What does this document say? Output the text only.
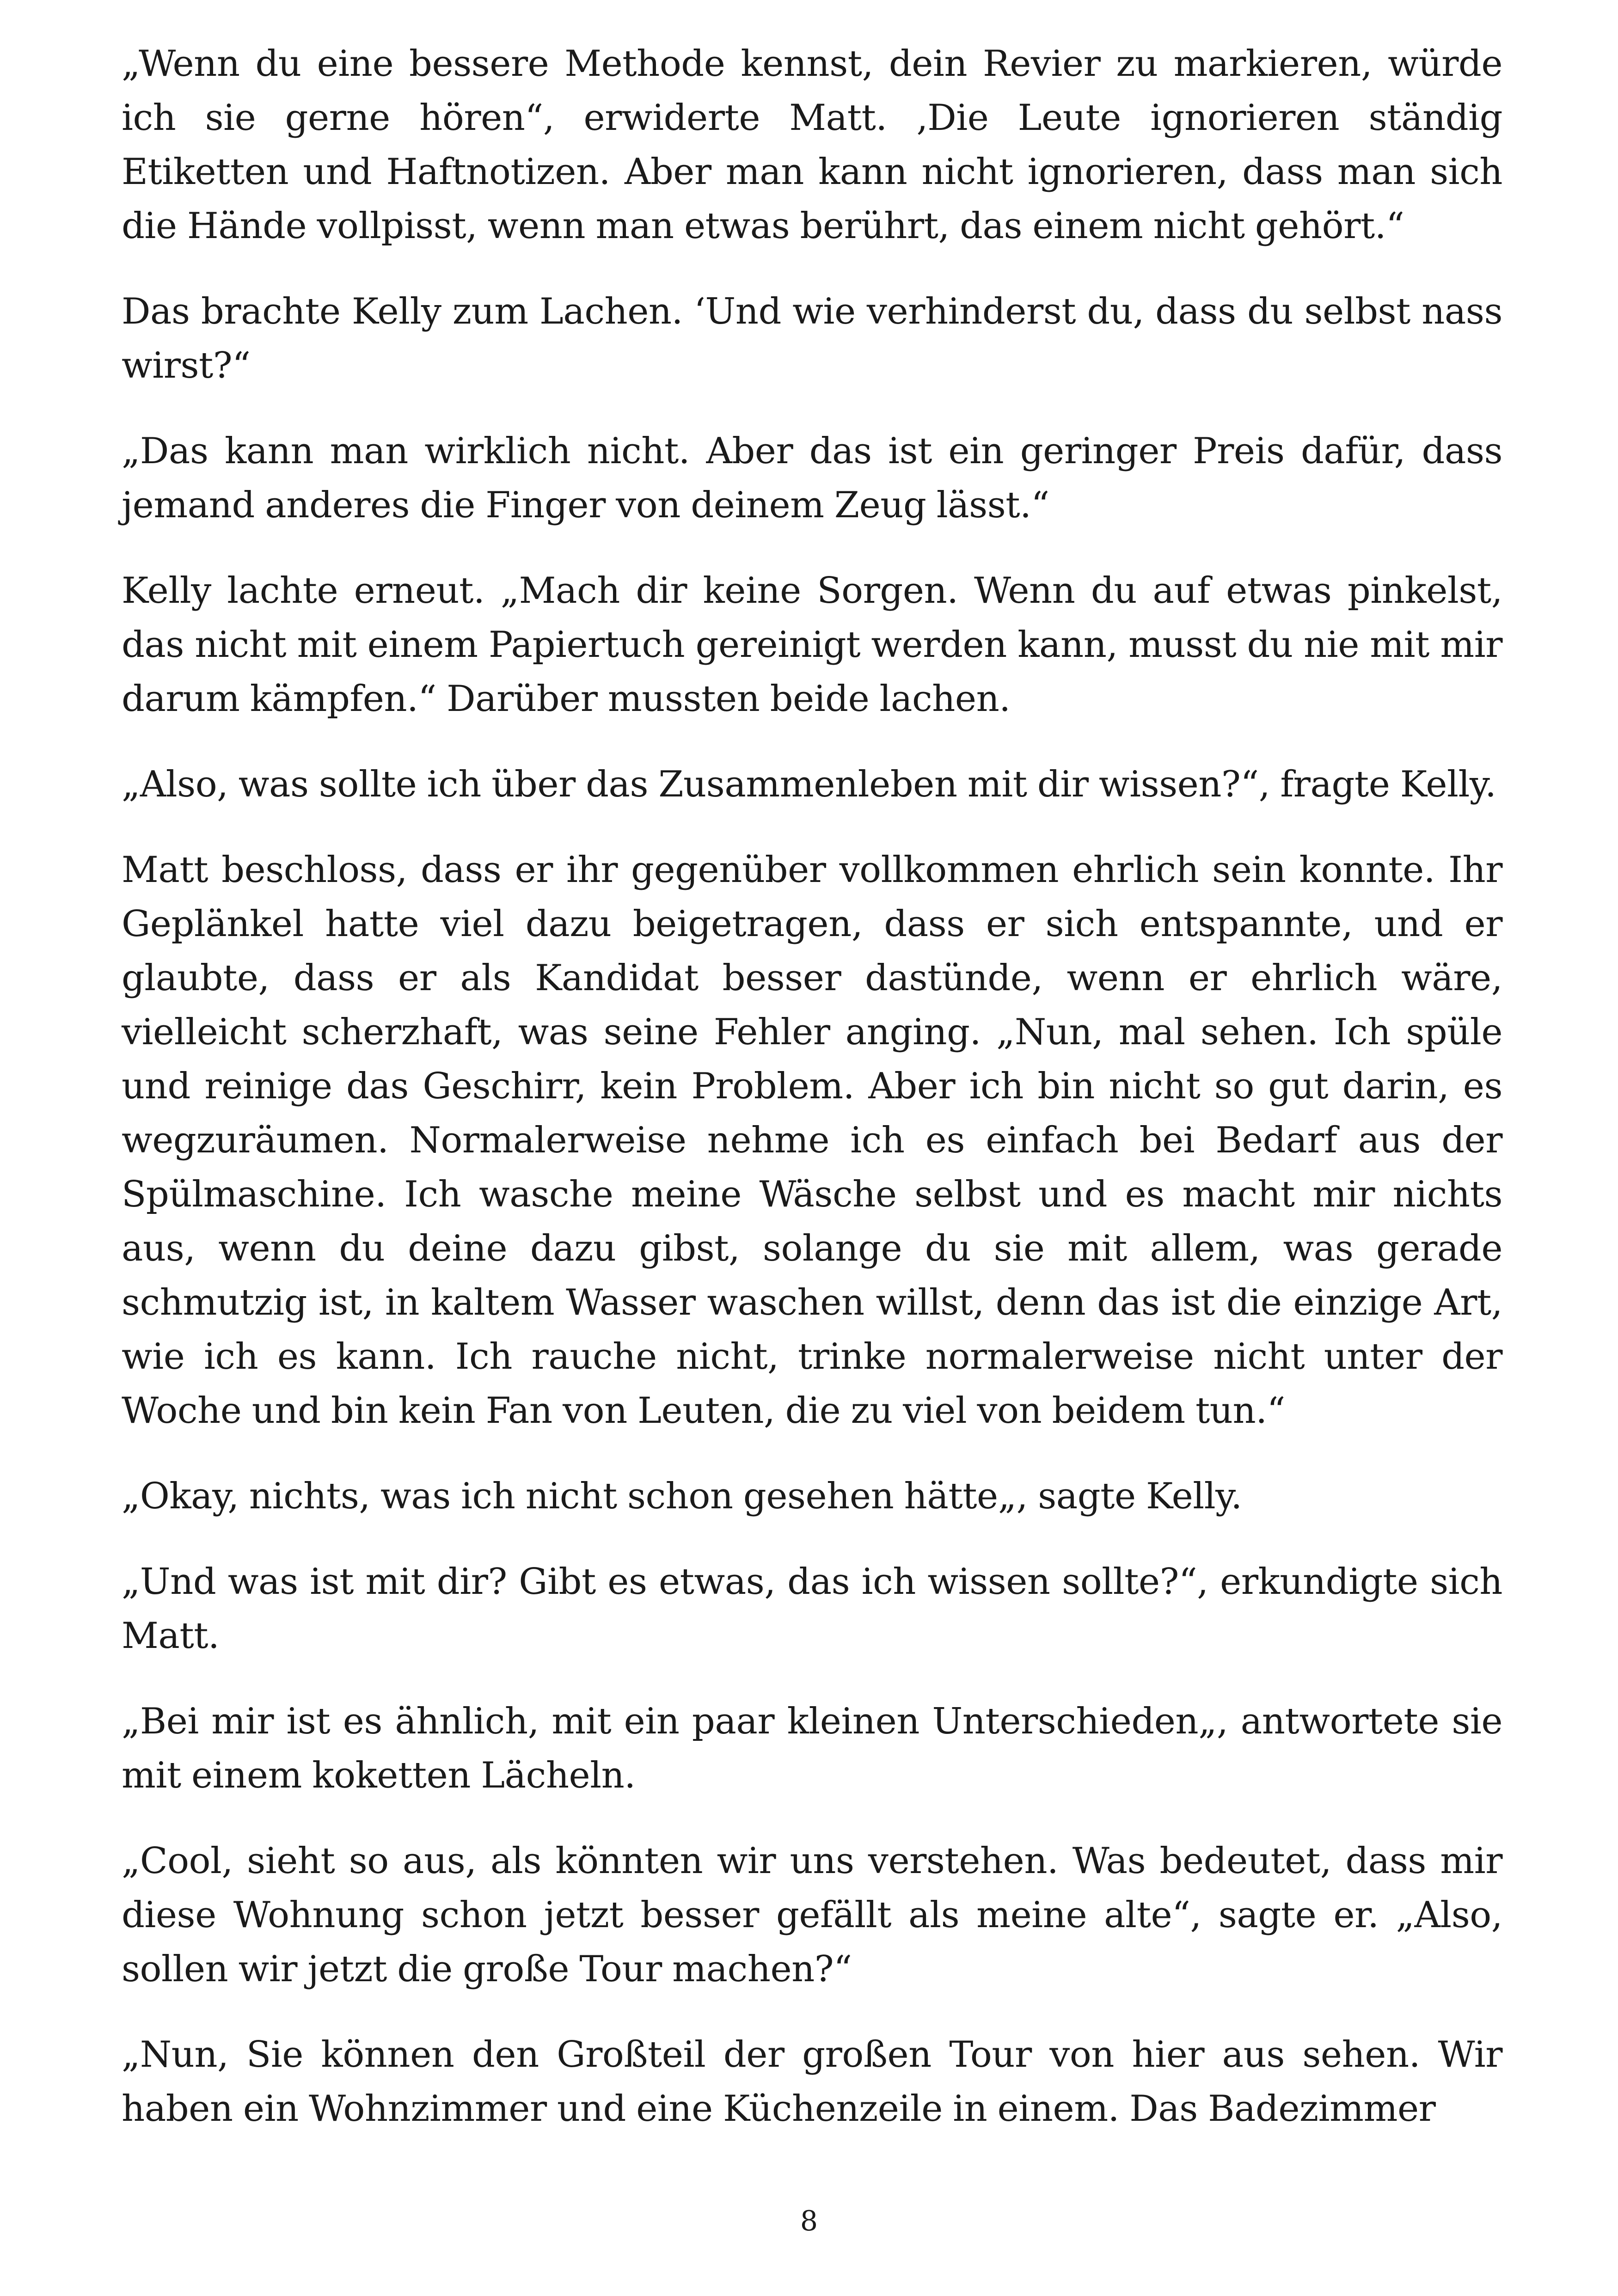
„Wenn du eine bessere Methode kennst, dein Revier zu markieren, würde ich sie gerne hören“, erwiderte Matt. ‚Die Leute ignorieren ständig Etiketten und Haftnotizen. Aber man kann nicht ignorieren, dass man sich die Hände vollpisst, wenn man etwas berührt, das einem nicht gehört.“

Das brachte Kelly zum Lachen. ‘Und wie verhinderst du, dass du selbst nass wirst?“

„Das kann man wirklich nicht. Aber das ist ein geringer Preis dafür, dass jemand anderes die Finger von deinem Zeug lässt.“

Kelly lachte erneut. „Mach dir keine Sorgen. Wenn du auf etwas pinkelst, das nicht mit einem Papiertuch gereinigt werden kann, musst du nie mit mir darum kämpfen.“ Darüber mussten beide lachen.

„Also, was sollte ich über das Zusammenleben mit dir wissen?“, fragte Kelly.

Matt beschloss, dass er ihr gegenüber vollkommen ehrlich sein konnte. Ihr Geplänkel hatte viel dazu beigetragen, dass er sich entspannte, und er glaubte, dass er als Kandidat besser dastünde, wenn er ehrlich wäre, vielleicht scherzhaft, was seine Fehler anging. „Nun, mal sehen. Ich spüle und reinige das Geschirr, kein Problem. Aber ich bin nicht so gut darin, es wegzuräumen. Normalerweise nehme ich es einfach bei Bedarf aus der Spülmaschine. Ich wasche meine Wäsche selbst und es macht mir nichts aus, wenn du deine dazu gibst, solange du sie mit allem, was gerade schmutzig ist, in kaltem Wasser waschen willst, denn das ist die einzige Art, wie ich es kann. Ich rauche nicht, trinke normalerweise nicht unter der Woche und bin kein Fan von Leuten, die zu viel von beidem tun.“

„Okay, nichts, was ich nicht schon gesehen hätte„, sagte Kelly.

„Und was ist mit dir? Gibt es etwas, das ich wissen sollte?“, erkundigte sich Matt.

„Bei mir ist es ähnlich, mit ein paar kleinen Unterschieden„, antwortete sie mit einem koketten Lächeln.

„Cool, sieht so aus, als könnten wir uns verstehen. Was bedeutet, dass mir diese Wohnung schon jetzt besser gefällt als meine alte“, sagte er. „Also, sollen wir jetzt die große Tour machen?“

„Nun, Sie können den Großteil der großen Tour von hier aus sehen. Wir haben ein Wohnzimmer und eine Küchenzeile in einem. Das Badezimmer

8
